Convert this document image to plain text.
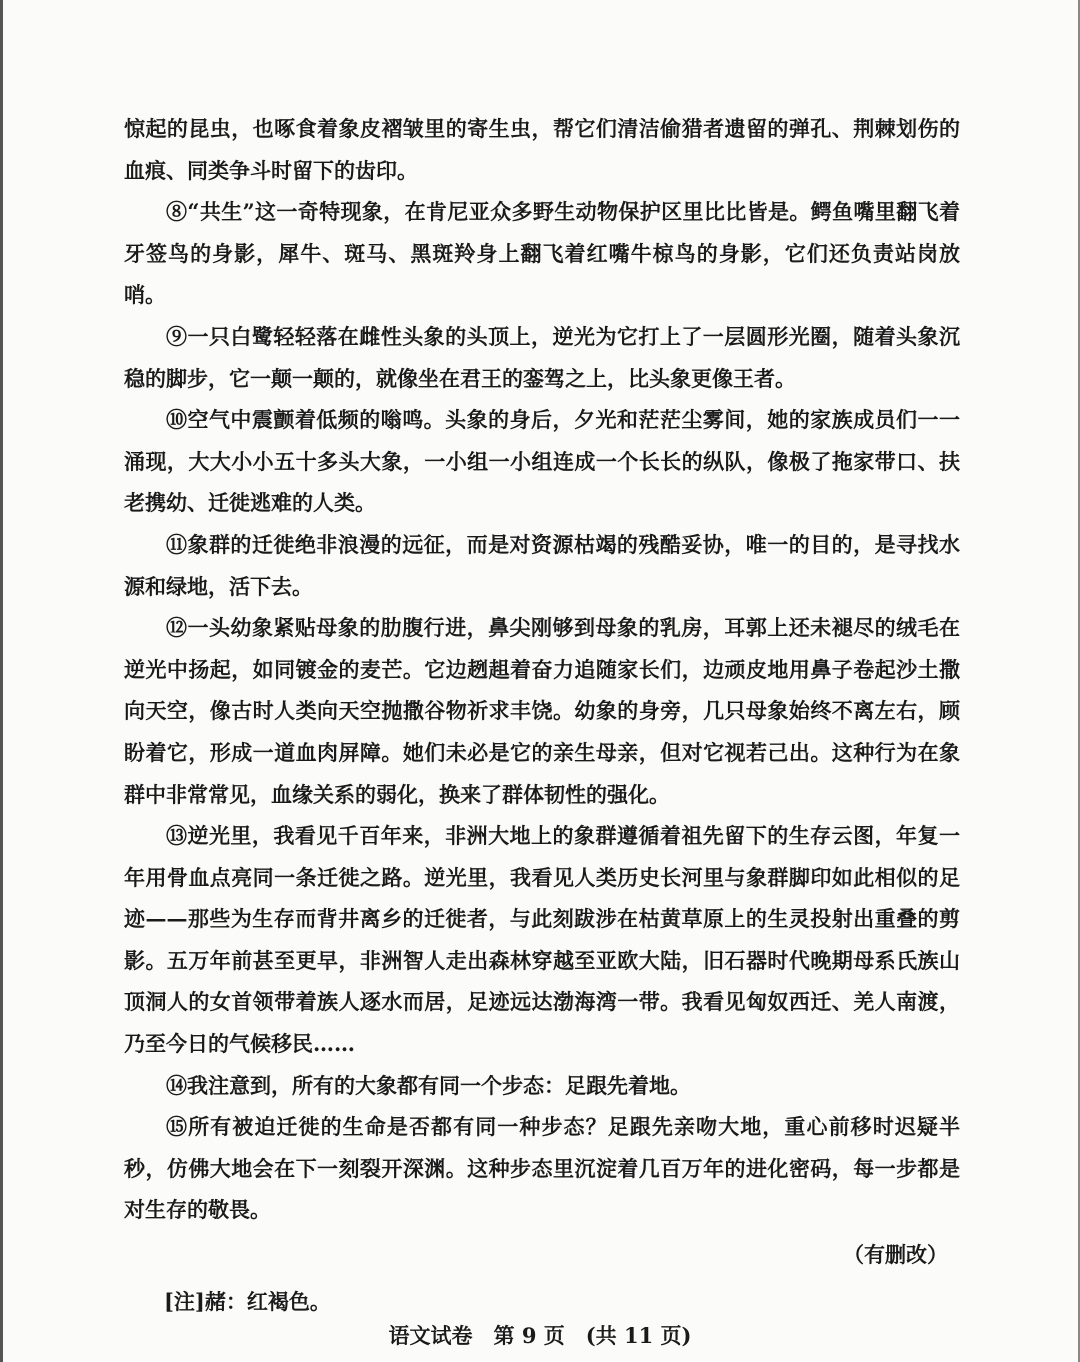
惊起的昆虫，也啄食着象皮褶皱里的寄生虫，帮它们清洁偷猎者遗留的弹孔、荆棘划伤的血痕、同类争斗时留下的齿印。

⑧“共生”这一奇特现象，在肯尼亚众多野生动物保护区里比比皆是。鳄鱼嘴里翻飞着牙签鸟的身影，犀牛、斑马、黑斑羚身上翻飞着红嘴牛椋鸟的身影，它们还负责站岗放哨。

⑨一只白鹭轻轻落在雌性头象的头顶上，逆光为它打上了一层圆形光圈，随着头象沉稳的脚步，它一颠一颠的，就像坐在君王的銮驾之上，比头象更像王者。

⑩空气中震颤着低频的嗡鸣。头象的身后，夕光和茫茫尘雾间，她的家族成员们一一涌现，大大小小五十多头大象，一小组一小组连成一个长长的纵队，像极了拖家带口、扶老携幼、迁徙逃难的人类。

⑪象群的迁徙绝非浪漫的远征，而是对资源枯竭的残酷妥协，唯一的目的，是寻找水源和绿地，活下去。

⑫一头幼象紧贴母象的肋腹行进，鼻尖刚够到母象的乳房，耳郭上还未褪尽的绒毛在逆光中扬起，如同镀金的麦芒。它边趔趄着奋力追随家长们，边顽皮地用鼻子卷起沙土撒向天空，像古时人类向天空抛撒谷物祈求丰饶。幼象的身旁，几只母象始终不离左右，顾盼着它，形成一道血肉屏障。她们未必是它的亲生母亲，但对它视若己出。这种行为在象群中非常常见，血缘关系的弱化，换来了群体韧性的强化。

⑬逆光里，我看见千百年来，非洲大地上的象群遵循着祖先留下的生存云图，年复一年用骨血点亮同一条迁徙之路。逆光里，我看见人类历史长河里与象群脚印如此相似的足迹——那些为生存而背井离乡的迁徙者，与此刻跋涉在枯黄草原上的生灵投射出重叠的剪影。五万年前甚至更早，非洲智人走出森林穿越至亚欧大陆，旧石器时代晚期母系氏族山顶洞人的女首领带着族人逐水而居，足迹远达渤海湾一带。我看见匈奴西迁、羌人南渡，乃至今日的气候移民……

⑭我注意到，所有的大象都有同一个步态：足跟先着地。

⑮所有被迫迁徙的生命是否都有同一种步态？足跟先亲吻大地，重心前移时迟疑半秒，仿佛大地会在下一刻裂开深渊。这种步态里沉淀着几百万年的进化密码，每一步都是对生存的敬畏。

（有删改）
[注]赭：红褐色。
语文试卷　第 9 页　(共 11 页)
